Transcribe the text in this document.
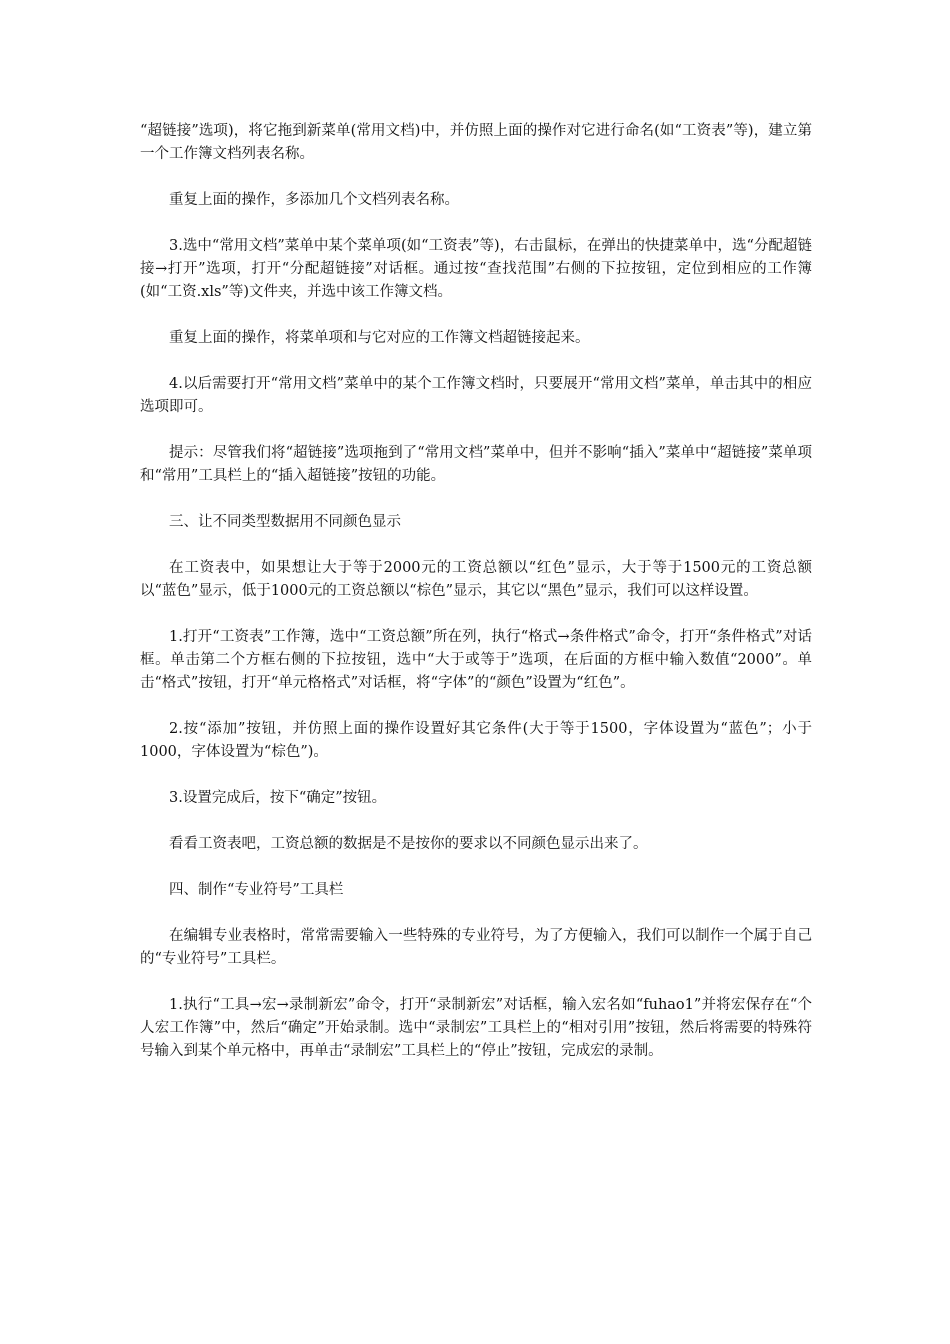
“超链接”选项)，将它拖到新菜单(常用文档)中，并仿照上面的操作对它进行命名(如“工资表”等)，建立第一个工作簿文档列表名称。

重复上面的操作，多添加几个文档列表名称。

3.选中“常用文档”菜单中某个菜单项(如“工资表”等)，右击鼠标，在弹出的快捷菜单中，选“分配超链接→打开”选项，打开“分配超链接”对话框。通过按“查找范围”右侧的下拉按钮，定位到相应的工作簿(如“工资.xls”等)文件夹，并选中该工作簿文档。

重复上面的操作，将菜单项和与它对应的工作簿文档超链接起来。

4.以后需要打开“常用文档”菜单中的某个工作簿文档时，只要展开“常用文档”菜单，单击其中的相应选项即可。

提示：尽管我们将“超链接”选项拖到了“常用文档”菜单中，但并不影响“插入”菜单中“超链接”菜单项和“常用”工具栏上的“插入超链接”按钮的功能。

三、让不同类型数据用不同颜色显示

在工资表中，如果想让大于等于2000元的工资总额以“红色”显示，大于等于1500元的工资总额以“蓝色”显示，低于1000元的工资总额以“棕色”显示，其它以“黑色”显示，我们可以这样设置。

1.打开“工资表”工作簿，选中“工资总额”所在列，执行“格式→条件格式”命令，打开“条件格式”对话框。单击第二个方框右侧的下拉按钮，选中“大于或等于”选项，在后面的方框中输入数值“2000”。单击“格式”按钮，打开“单元格格式”对话框，将“字体”的“颜色”设置为“红色”。

2.按“添加”按钮，并仿照上面的操作设置好其它条件(大于等于1500，字体设置为“蓝色”；小于1000，字体设置为“棕色”)。

3.设置完成后，按下“确定”按钮。

看看工资表吧，工资总额的数据是不是按你的要求以不同颜色显示出来了。

四、制作“专业符号”工具栏

在编辑专业表格时，常常需要输入一些特殊的专业符号，为了方便输入，我们可以制作一个属于自己的“专业符号”工具栏。

1.执行“工具→宏→录制新宏”命令，打开“录制新宏”对话框，输入宏名如“fuhao1”并将宏保存在“个人宏工作簿”中，然后“确定”开始录制。选中“录制宏”工具栏上的“相对引用”按钮，然后将需要的特殊符号输入到某个单元格中，再单击“录制宏”工具栏上的“停止”按钮，完成宏的录制。
